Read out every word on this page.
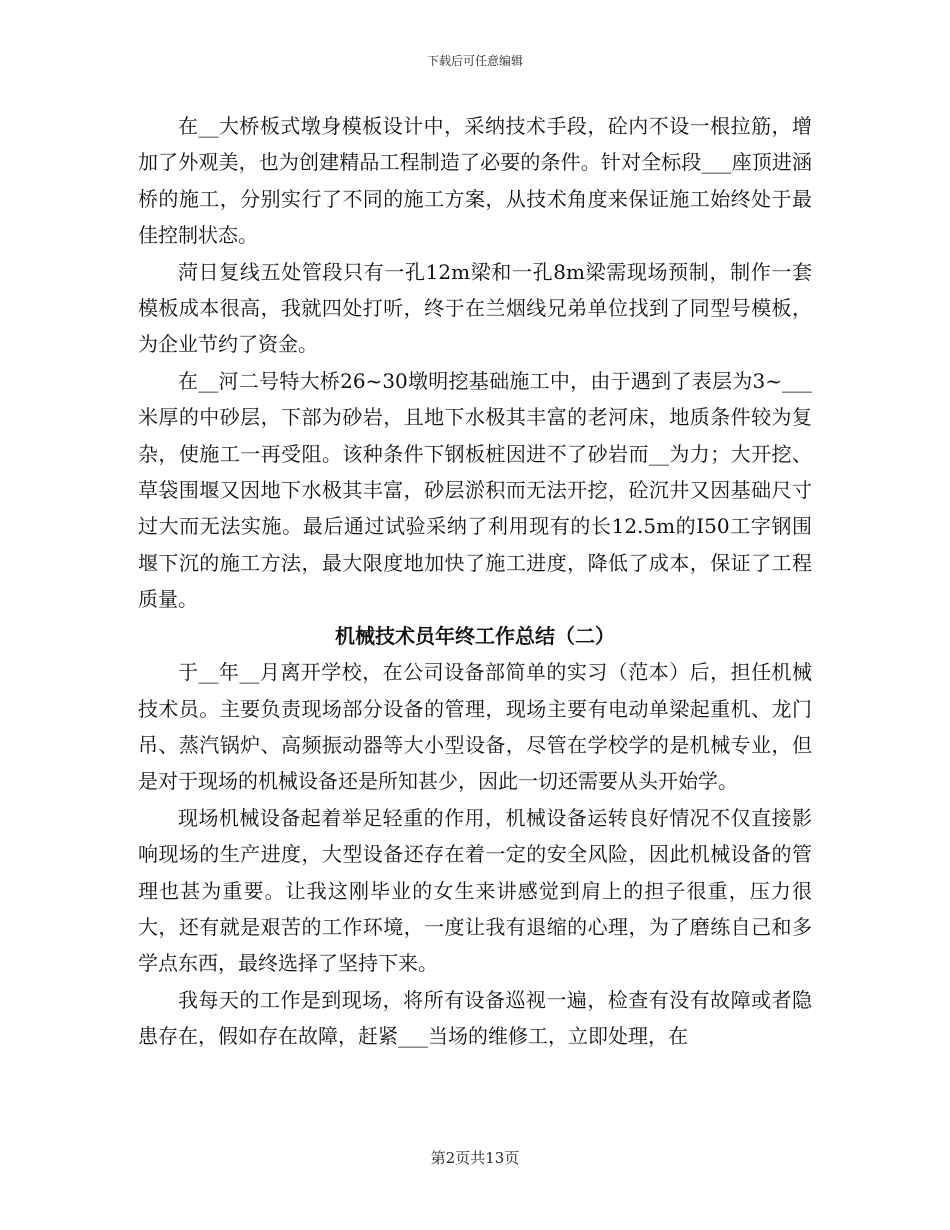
下载后可任意编辑

在__大桥板式墩身模板设计中，采纳技术手段，砼内不设一根拉筋，增加了外观美，也为创建精品工程制造了必要的条件。针对全标段___座顶进涵桥的施工，分别实行了不同的施工方案，从技术角度来保证施工始终处于最佳控制状态。

菏日复线五处管段只有一孔12m梁和一孔8m梁需现场预制，制作一套模板成本很高，我就四处打听，终于在兰烟线兄弟单位找到了同型号模板，为企业节约了资金。

在__河二号特大桥26~30墩明挖基础施工中，由于遇到了表层为3~___米厚的中砂层，下部为砂岩，且地下水极其丰富的老河床，地质条件较为复杂，使施工一再受阻。该种条件下钢板桩因进不了砂岩而__为力；大开挖、草袋围堰又因地下水极其丰富，砂层淤积而无法开挖，砼沉井又因基础尺寸过大而无法实施。最后通过试验采纳了利用现有的长12.5m的I50工字钢围堰下沉的施工方法，最大限度地加快了施工进度，降低了成本，保证了工程质量。

机械技术员年终工作总结（二）

于__年__月离开学校，在公司设备部简单的实习（范本）后，担任机械技术员。主要负责现场部分设备的管理，现场主要有电动单梁起重机、龙门吊、蒸汽锅炉、高频振动器等大小型设备，尽管在学校学的是机械专业，但是对于现场的机械设备还是所知甚少，因此一切还需要从头开始学。

现场机械设备起着举足轻重的作用，机械设备运转良好情况不仅直接影响现场的生产进度，大型设备还存在着一定的安全风险，因此机械设备的管理也甚为重要。让我这刚毕业的女生来讲感觉到肩上的担子很重，压力很大，还有就是艰苦的工作环境，一度让我有退缩的心理，为了磨练自己和多学点东西，最终选择了坚持下来。

我每天的工作是到现场，将所有设备巡视一遍，检查有没有故障或者隐患存在，假如存在故障，赶紧___当场的维修工，立即处理，在

第2页共13页
